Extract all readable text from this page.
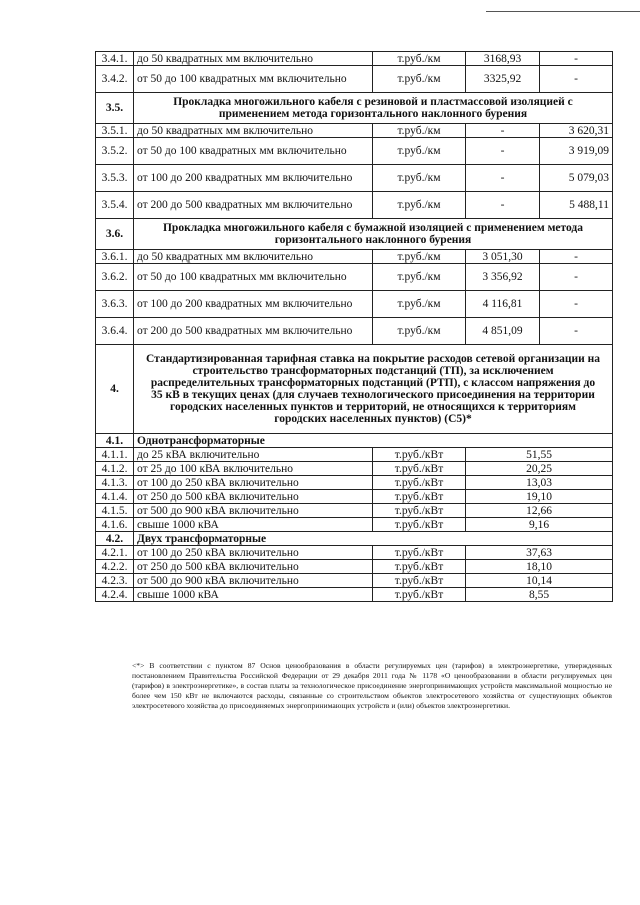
3.4.1.	до 50 квадратных мм включительно	т.руб./км	3168,93	-
3.4.2.	от 50 до 100 квадратных мм включительно	т.руб./км	3325,92	-
3.5.	Прокладка многожильного кабеля с резиновой и пластмассовой изоляцией с применением метода горизонтального наклонного бурения			
3.5.1.	до 50 квадратных мм включительно	т.руб./км	-	3 620,31
3.5.2.	от 50 до 100 квадратных мм включительно	т.руб./км	-	3 919,09
3.5.3.	от 100 до 200 квадратных мм включительно	т.руб./км	-	5 079,03
3.5.4.	от 200 до 500 квадратных мм включительно	т.руб./км	-	5 488,11
3.6.	Прокладка многожильного кабеля с бумажной изоляцией с применением метода горизонтального наклонного бурения			
3.6.1.	до 50 квадратных мм включительно	т.руб./км	3 051,30	-
3.6.2.	от 50 до 100 квадратных мм включительно	т.руб./км	3 356,92	-
3.6.3.	от 100 до 200 квадратных мм включительно	т.руб./км	4 116,81	-
3.6.4.	от 200 до 500 квадратных мм включительно	т.руб./км	4 851,09	-
4.	Стандартизированная тарифная ставка на покрытие расходов сетевой организации на строительство трансформаторных подстанций (ТП), за исключением распределительных трансформаторных подстанций (РТП), с классом напряжения до 35 кВ в текущих ценах (для случаев технологического присоединения на территории городских населенных пунктов и территорий, не относящихся к территориям городских населенных пунктов) (С5)*			
4.1.	Однотрансформаторные			
4.1.1.	до 25 кВА включительно	т.руб./кВт	51,55	
4.1.2.	от 25 до 100 кВА включительно	т.руб./кВт	20,25	
4.1.3.	от 100 до 250 кВА включительно	т.руб./кВт	13,03	
4.1.4.	от 250 до 500 кВА включительно	т.руб./кВт	19,10	
4.1.5.	от 500 до 900 кВА включительно	т.руб./кВт	12,66	
4.1.6.	свыше 1000 кВА	т.руб./кВт	9,16	
4.2.	Двух трансформаторные			
4.2.1.	от 100 до 250 кВА включительно	т.руб./кВт	37,63	
4.2.2.	от 250 до 500 кВА включительно	т.руб./кВт	18,10	
4.2.3.	от 500 до 900 кВА включительно	т.руб./кВт	10,14	
4.2.4.	свыше 1000 кВА	т.руб./кВт	8,55	
<*> В соответствии с пунктом 87 Основ ценообразования в области регулируемых цен (тарифов) в электроэнергетике, утвержденных постановлением Правительства Российской Федерации от 29 декабря 2011 года № 1178 «О ценообразовании в области регулируемых цен (тарифов) в электроэнергетике», в состав платы за технологическое присоединение энергопринимающих устройств максимальной мощностью не более чем 150 кВт не включаются расходы, связанные со строительством объектов электросетевого хозяйства от существующих объектов электросетевого хозяйства до присоединяемых энергопринимающих устройств и (или) объектов электроэнергетики.
